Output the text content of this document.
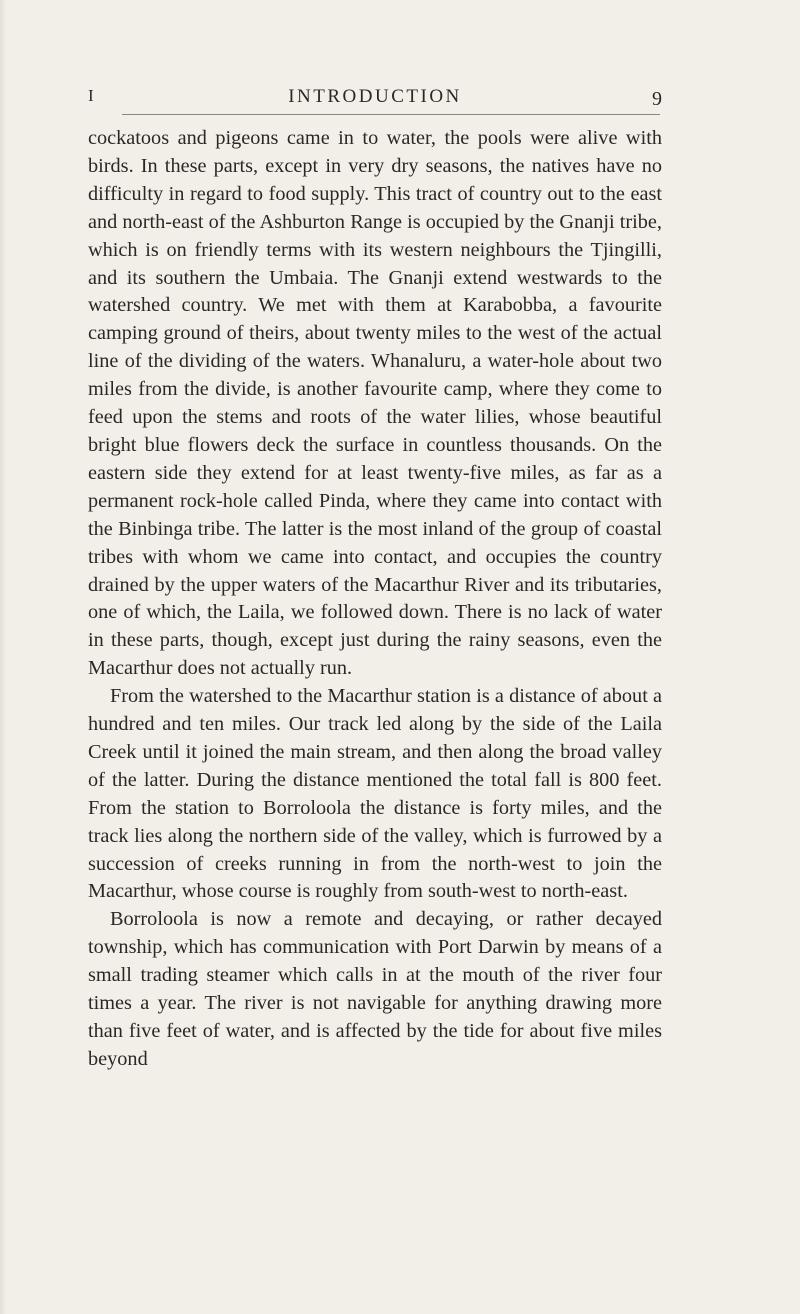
I	INTRODUCTION	9

cockatoos and pigeons came in to water, the pools were alive with birds. In these parts, except in very dry seasons, the natives have no difficulty in regard to food supply. This tract of country out to the east and north-east of the Ashburton Range is occupied by the Gnanji tribe, which is on friendly terms with its western neighbours the Tjingilli, and its southern the Umbaia. The Gnanji extend westwards to the watershed country. We met with them at Karabobba, a favourite camping ground of theirs, about twenty miles to the west of the actual line of the dividing of the waters. Whanaluru, a water-hole about two miles from the divide, is another favourite camp, where they come to feed upon the stems and roots of the water lilies, whose beautiful bright blue flowers deck the surface in countless thousands. On the eastern side they extend for at least twenty-five miles, as far as a permanent rock-hole called Pinda, where they came into contact with the Binbinga tribe. The latter is the most inland of the group of coastal tribes with whom we came into contact, and occupies the country drained by the upper waters of the Macarthur River and its tributaries, one of which, the Laila, we followed down. There is no lack of water in these parts, though, except just during the rainy seasons, even the Macarthur does not actually run.

From the watershed to the Macarthur station is a distance of about a hundred and ten miles. Our track led along by the side of the Laila Creek until it joined the main stream, and then along the broad valley of the latter. During the distance mentioned the total fall is 800 feet. From the station to Borroloola the distance is forty miles, and the track lies along the northern side of the valley, which is furrowed by a succession of creeks running in from the north-west to join the Macarthur, whose course is roughly from south-west to north-east.

Borroloola is now a remote and decaying, or rather decayed township, which has communication with Port Darwin by means of a small trading steamer which calls in at the mouth of the river four times a year. The river is not navigable for anything drawing more than five feet of water, and is affected by the tide for about five miles beyond
